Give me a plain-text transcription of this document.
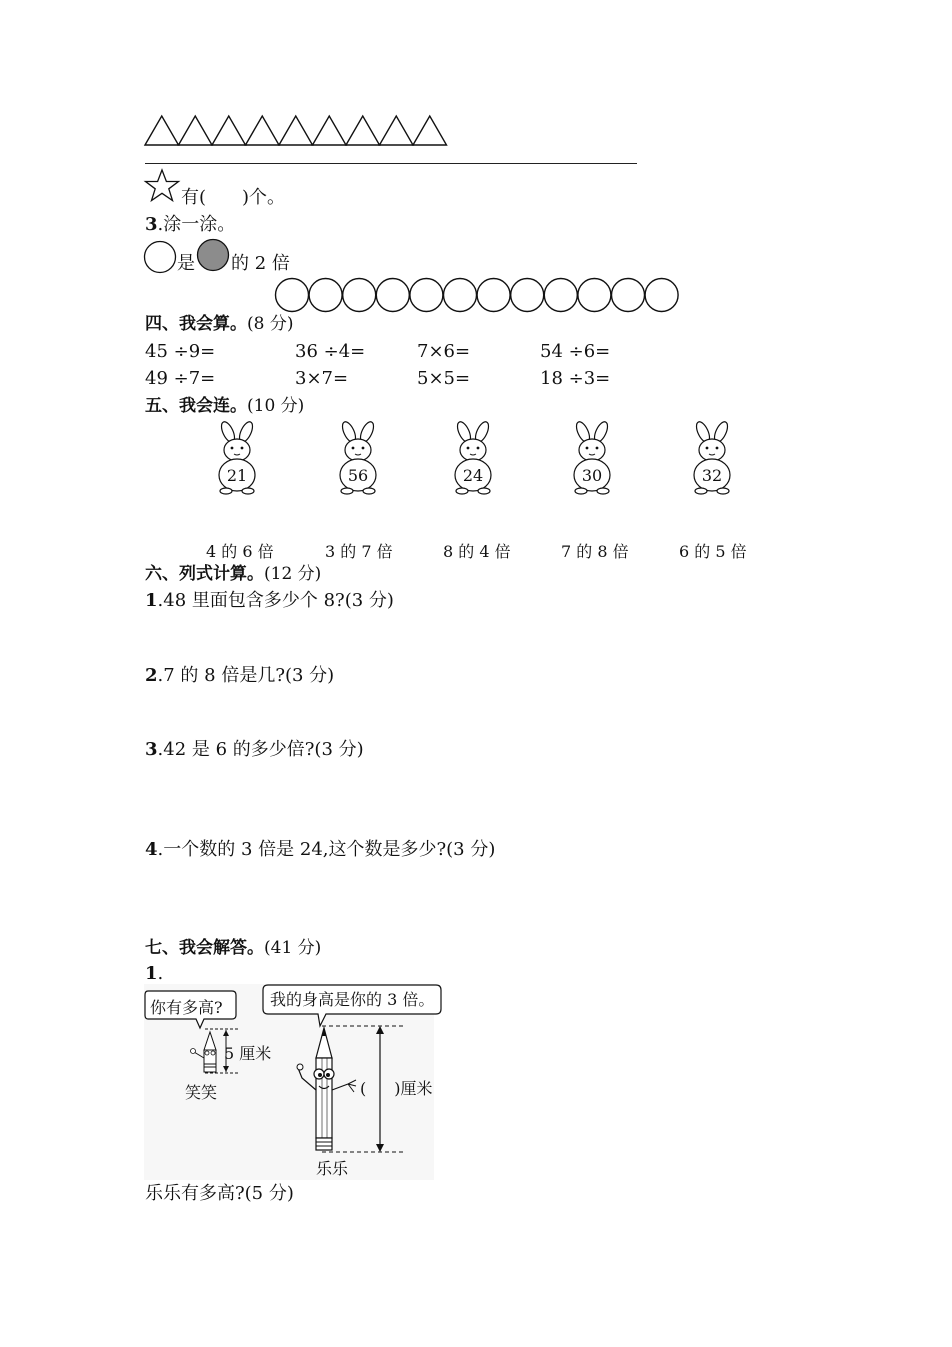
有( )个。
3.涂一涂。
是 的 2 倍
四、我会算。(8 分)
45 ÷9=	36 ÷4=	7×6=	54 ÷6=
49 ÷7=	3×7=	5×5=	18 ÷3=
五、我会连。(10 分)
21	56	24	30	32
4 的 6 倍	3 的 7 倍	8 的 4 倍	7 的 8 倍	6 的 5 倍
六、列式计算。(12 分)
1.48 里面包含多少个 8?(3 分)
2.7 的 8 倍是几?(3 分)
3.42 是 6 的多少倍?(3 分)
4.一个数的 3 倍是 24,这个数是多少?(3 分)
七、我会解答。(41 分)
1.
你有多高?	我的身高是你的 3 倍。
5 厘米
笑笑	( )厘米
乐乐
乐乐有多高?(5 分)
